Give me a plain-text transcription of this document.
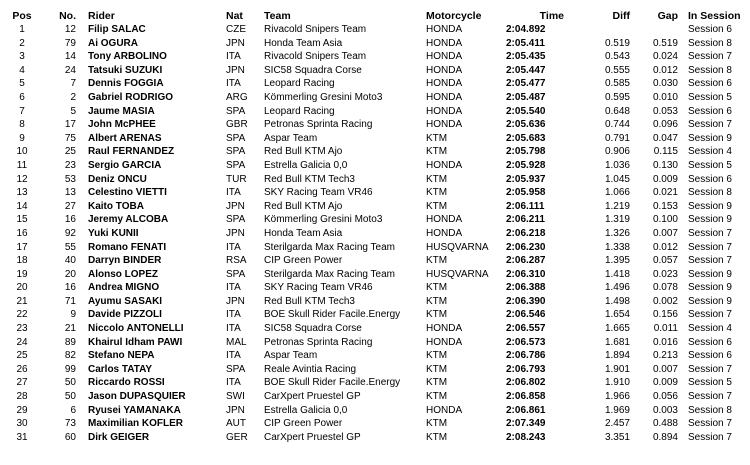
Pos	No.	Rider	Nat	Team	Motorcycle	Time	Diff	Gap	In Session
1	12	Filip SALAC	CZE	Rivacold Snipers Team	HONDA	2:04.892			Session 6
2	79	Ai OGURA	JPN	Honda Team Asia	HONDA	2:05.411	0.519	0.519	Session 8
3	14	Tony ARBOLINO	ITA	Rivacold Snipers Team	HONDA	2:05.435	0.543	0.024	Session 7
4	24	Tatsuki SUZUKI	JPN	SIC58 Squadra Corse	HONDA	2:05.447	0.555	0.012	Session 8
5	7	Dennis FOGGIA	ITA	Leopard Racing	HONDA	2:05.477	0.585	0.030	Session 6
6	2	Gabriel RODRIGO	ARG	Kömmerling Gresini Moto3	HONDA	2:05.487	0.595	0.010	Session 5
7	5	Jaume MASIA	SPA	Leopard Racing	HONDA	2:05.540	0.648	0.053	Session 6
8	17	John McPHEE	GBR	Petronas Sprinta Racing	HONDA	2:05.636	0.744	0.096	Session 7
9	75	Albert ARENAS	SPA	Aspar Team	KTM	2:05.683	0.791	0.047	Session 9
10	25	Raul FERNANDEZ	SPA	Red Bull KTM Ajo	KTM	2:05.798	0.906	0.115	Session 4
11	23	Sergio GARCIA	SPA	Estrella Galicia 0,0	HONDA	2:05.928	1.036	0.130	Session 5
12	53	Deniz ONCU	TUR	Red Bull KTM Tech3	KTM	2:05.937	1.045	0.009	Session 6
13	13	Celestino VIETTI	ITA	SKY Racing Team VR46	KTM	2:05.958	1.066	0.021	Session 8
14	27	Kaito TOBA	JPN	Red Bull KTM Ajo	KTM	2:06.111	1.219	0.153	Session 9
15	16	Jeremy ALCOBA	SPA	Kömmerling Gresini Moto3	HONDA	2:06.211	1.319	0.100	Session 9
16	92	Yuki KUNII	JPN	Honda Team Asia	HONDA	2:06.218	1.326	0.007	Session 7
17	55	Romano FENATI	ITA	Sterilgarda Max Racing Team	HUSQVARNA	2:06.230	1.338	0.012	Session 7
18	40	Darryn BINDER	RSA	CIP Green Power	KTM	2:06.287	1.395	0.057	Session 7
19	20	Alonso LOPEZ	SPA	Sterilgarda Max Racing Team	HUSQVARNA	2:06.310	1.418	0.023	Session 9
20	16	Andrea MIGNO	ITA	SKY Racing Team VR46	KTM	2:06.388	1.496	0.078	Session 9
21	71	Ayumu SASAKI	JPN	Red Bull KTM Tech3	KTM	2:06.390	1.498	0.002	Session 9
22	9	Davide PIZZOLI	ITA	BOE Skull Rider Facile.Energy	KTM	2:06.546	1.654	0.156	Session 7
23	21	Niccolo ANTONELLI	ITA	SIC58 Squadra Corse	HONDA	2:06.557	1.665	0.011	Session 4
24	89	Khairul Idham PAWI	MAL	Petronas Sprinta Racing	HONDA	2:06.573	1.681	0.016	Session 6
25	82	Stefano NEPA	ITA	Aspar Team	KTM	2:06.786	1.894	0.213	Session 6
26	99	Carlos TATAY	SPA	Reale Avintia Racing	KTM	2:06.793	1.901	0.007	Session 7
27	50	Riccardo ROSSI	ITA	BOE Skull Rider Facile.Energy	KTM	2:06.802	1.910	0.009	Session 5
28	50	Jason DUPASQUIER	SWI	CarXpert Pruestel GP	KTM	2:06.858	1.966	0.056	Session 7
29	6	Ryusei YAMANAKA	JPN	Estrella Galicia 0,0	HONDA	2:06.861	1.969	0.003	Session 8
30	73	Maximilian KOFLER	AUT	CIP Green Power	KTM	2:07.349	2.457	0.488	Session 7
31	60	Dirk GEIGER	GER	CarXpert Pruestel GP	KTM	2:08.243	3.351	0.894	Session 7
